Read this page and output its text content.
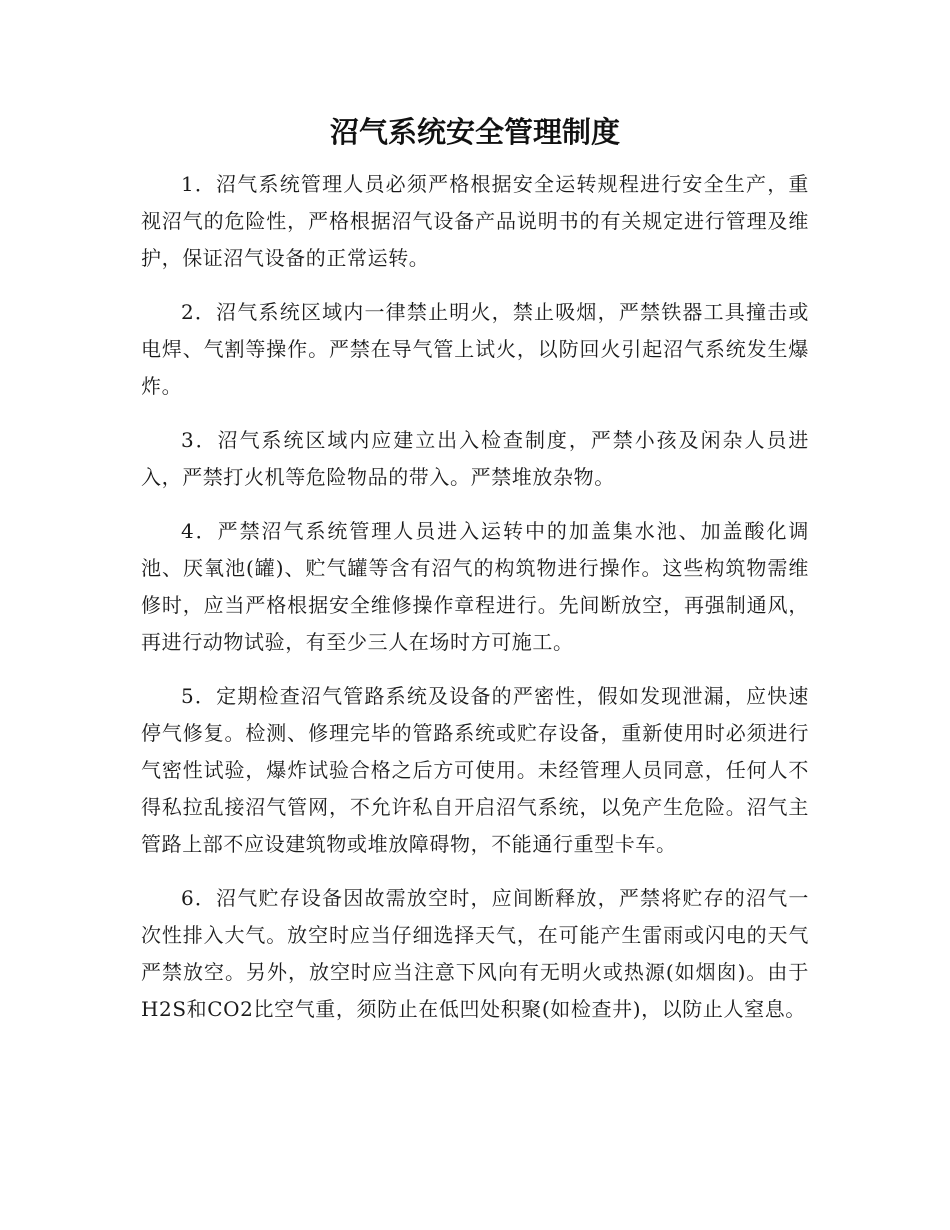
沼气系统安全管理制度

1．沼气系统管理人员必须严格根据安全运转规程进行安全生产，重视沼气的危险性，严格根据沼气设备产品说明书的有关规定进行管理及维护，保证沼气设备的正常运转。

2．沼气系统区域内一律禁止明火，禁止吸烟，严禁铁器工具撞击或电焊、气割等操作。严禁在导气管上试火，以防回火引起沼气系统发生爆炸。

3．沼气系统区域内应建立出入检查制度，严禁小孩及闲杂人员进入，严禁打火机等危险物品的带入。严禁堆放杂物。

4．严禁沼气系统管理人员进入运转中的加盖集水池、加盖酸化调池、厌氧池(罐)、贮气罐等含有沼气的构筑物进行操作。这些构筑物需维修时，应当严格根据安全维修操作章程进行。先间断放空，再强制通风，再进行动物试验，有至少三人在场时方可施工。

5．定期检查沼气管路系统及设备的严密性，假如发现泄漏，应快速停气修复。检测、修理完毕的管路系统或贮存设备，重新使用时必须进行气密性试验，爆炸试验合格之后方可使用。未经管理人员同意，任何人不得私拉乱接沼气管网，不允许私自开启沼气系统，以免产生危险。沼气主管路上部不应设建筑物或堆放障碍物，不能通行重型卡车。

6．沼气贮存设备因故需放空时，应间断释放，严禁将贮存的沼气一次性排入大气。放空时应当仔细选择天气，在可能产生雷雨或闪电的天气严禁放空。另外，放空时应当注意下风向有无明火或热源(如烟囱)。由于H2S和CO2比空气重，须防止在低凹处积聚(如检查井)，以防止人窒息。
